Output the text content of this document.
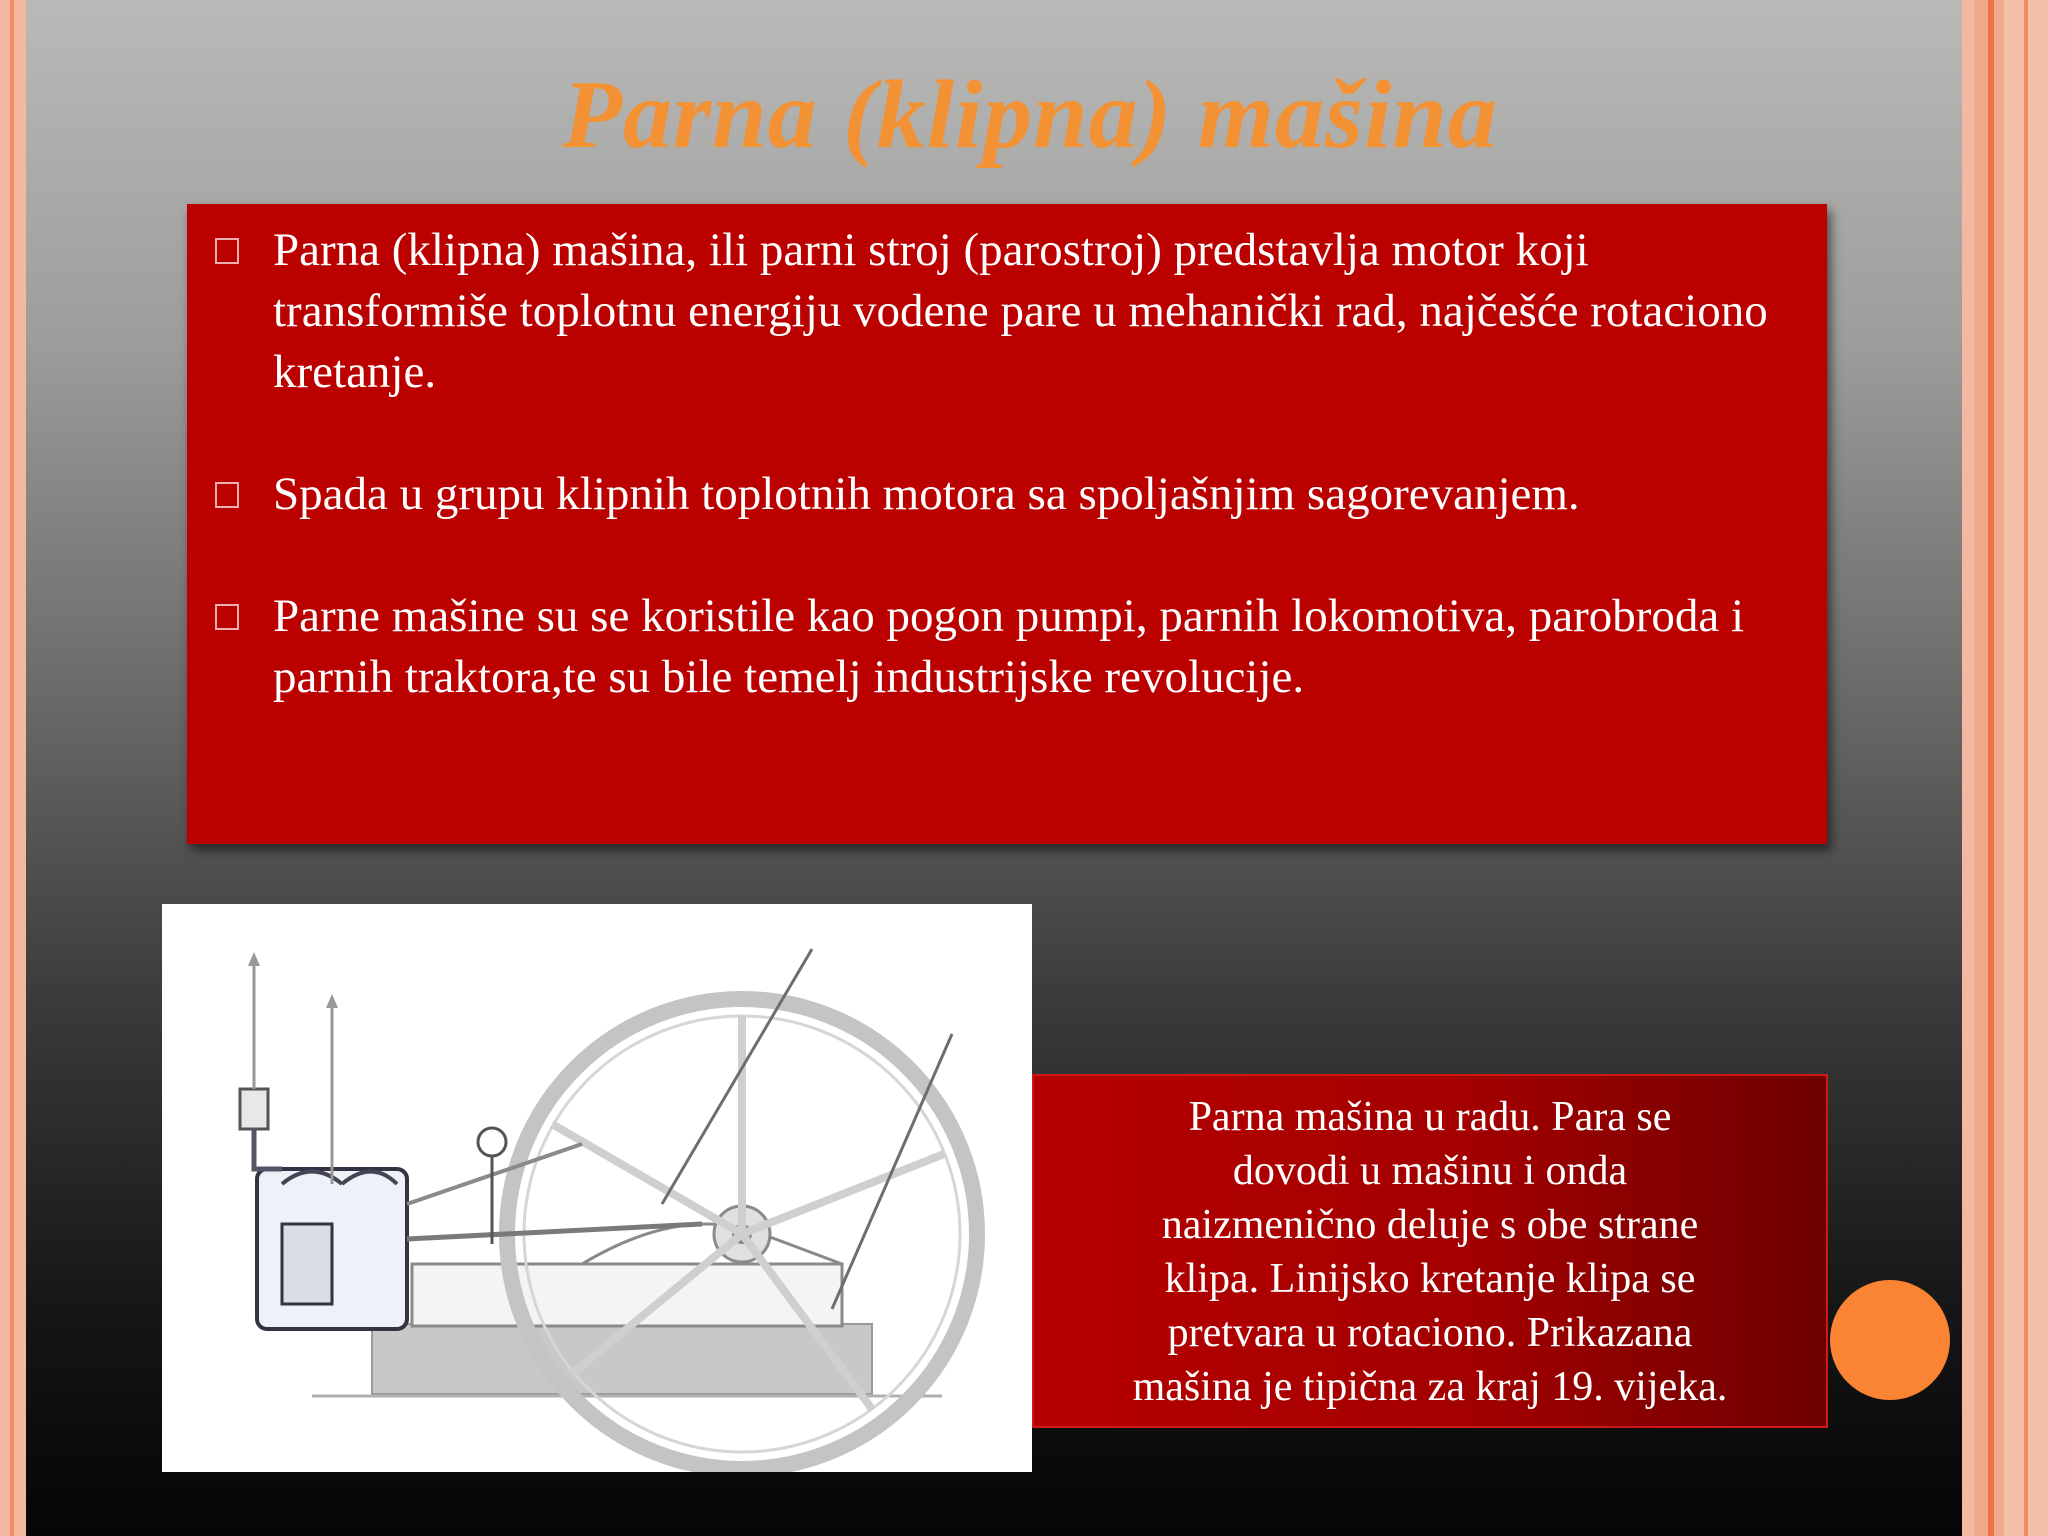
Parna (klipna) mašina
Parna (klipna) mašina, ili parni stroj (parostroj) predstavlja motor koji transformiše toplotnu energiju vodene pare u mehanički rad, najčešće rotaciono kretanje.
Spada u grupu klipnih toplotnih motora sa spoljašnjim sagorevanjem.
Parne mašine su se koristile kao pogon pumpi, parnih lokomotiva, parobroda i parnih traktora,te su bile temelj industrijske revolucije.
Parna mašina u radu. Para se
dovodi u mašinu i onda
naizmenično deluje s obe strane
klipa. Linijsko kretanje klipa se
pretvara u rotaciono. Prikazana
mašina je tipična za kraj 19. vijeka.
